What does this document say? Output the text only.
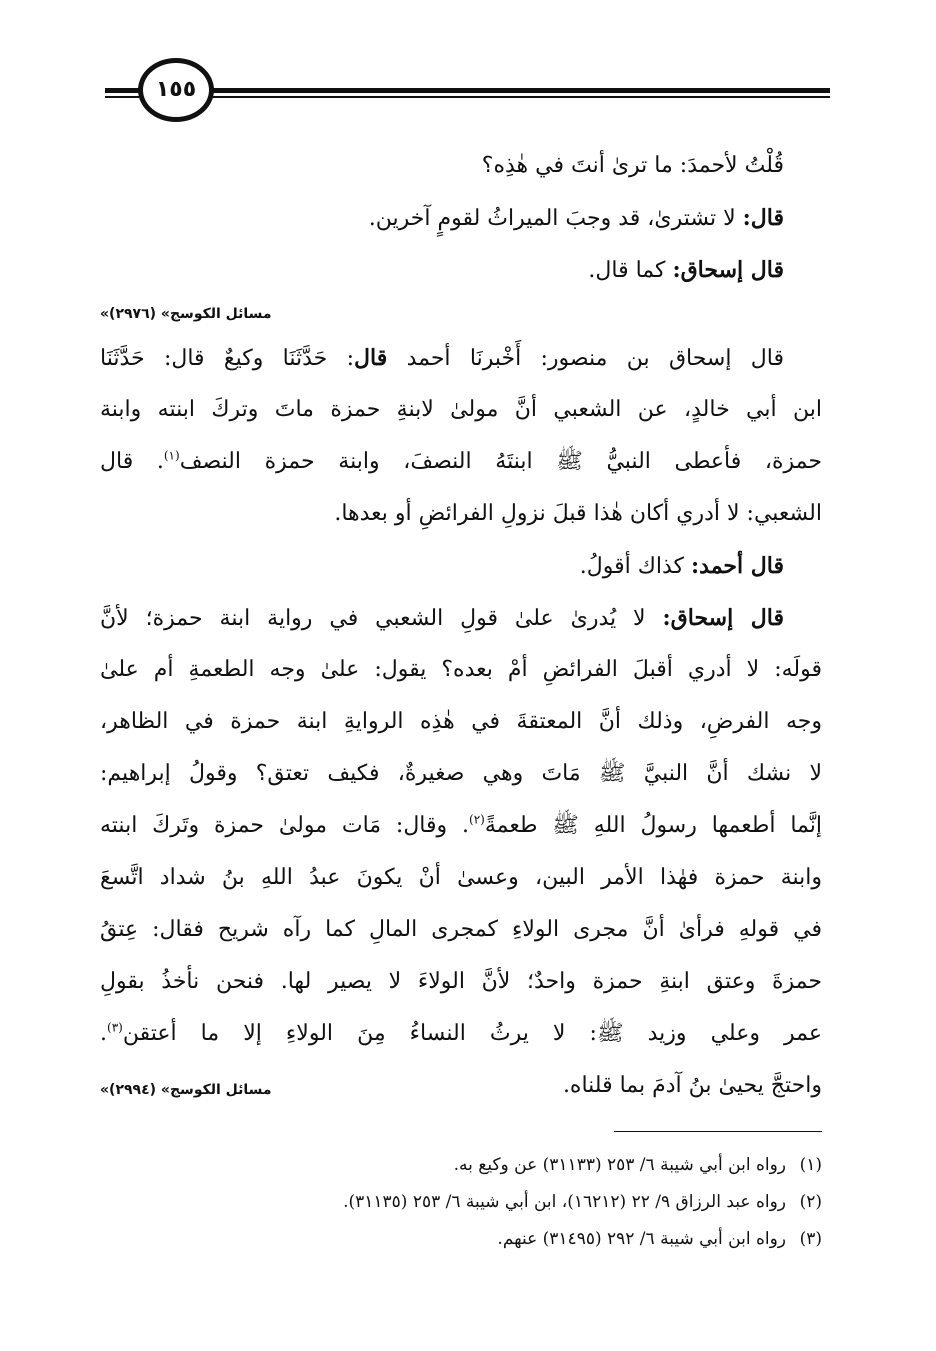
١٥٥
قُلْتُ لأحمدَ: ما ترىٰ أنتَ في هٰذِه؟
قال: لا تشترىٰ، قد وجبَ الميراثُ لقومٍ آخرين.
قال إسحاق: كما قال.
«مسائل الكوسج» (٢٩٧٦)
قال إسحاق بن منصور: أَخْبرنَا أحمد قال: حَدَّثَنَا وكيعٌ قال: حَدَّثَنَا
ابن أبي خالدٍ، عن الشعبي أنَّ مولىٰ لابنةِ حمزة ماتَ وتركَ ابنته وابنة
حمزة، فأعطى النبيُّ ﷺ ابنتَهُ النصفَ، وابنة حمزة النصف$^{(١)}$. قال
الشعبي: لا أدري أكان هٰذا قبلَ نزولِ الفرائضِ أو بعدها.
قال أحمد: كذاك أقولُ.
قال إسحاق: لا يُدرىٰ علىٰ قولِ الشعبي في رواية ابنة حمزة؛ لأنَّ
قولَه: لا أدري أقبلَ الفرائضِ أمْ بعده؟ يقول: علىٰ وجه الطعمةِ أم علىٰ
وجه الفرضِ، وذلك أنَّ المعتقةَ في هٰذِه الروايةِ ابنة حمزة في الظاهر،
لا نشك أنَّ النبيَّ ﷺ مَاتَ وهي صغيرةٌ، فكيف تعتق؟ وقولُ إبراهيم:
إنَّما أطعمها رسولُ اللهِ ﷺ طعمةً$^{(٢)}$. وقال: مَات مولىٰ حمزة وتَركَ ابنته
وابنة حمزة فهٰذا الأمر البين، وعسىٰ أنْ يكونَ عبدُ اللهِ بنُ شداد اتَّسعَ
في قولهِ فرأىٰ أنَّ مجرى الولاءِ كمجرى المالِ كما رآه شريح فقال: عِتقُ
حمزةَ وعتق ابنةِ حمزة واحدٌ؛ لأنَّ الولاءَ لا يصير لها. فنحن نأخذُ بقولِ
عمر وعلي وزيد ﷺ: لا يرثُ النساءُ مِنَ الولاءِ إلا ما أعتقن$^{(٣)}$.
«مسائل الكوسج» (٢٩٩٤)	واحتجَّ يحيىٰ بنُ آدمَ بما قلناه.
(١)رواه ابن أبي شيبة ٦/ ٢٥٣ (٣١١٣٣) عن وكيع به.
(٢)رواه عبد الرزاق ٩/ ٢٢ (١٦٢١٢)، ابن أبي شيبة ٦/ ٢٥٣ (٣١١٣٥).
(٣)رواه ابن أبي شيبة ٦/ ٢٩٢ (٣١٤٩٥) عنهم.
